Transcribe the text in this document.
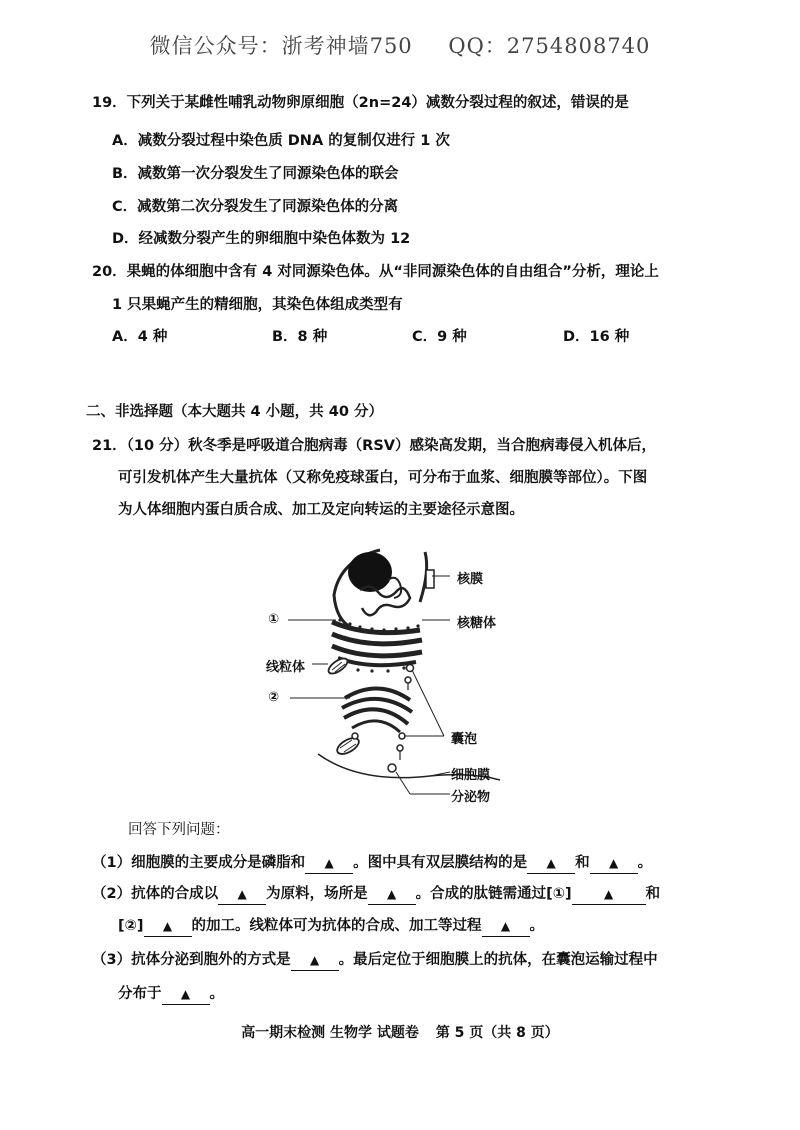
微信公众号：浙考神墙750 QQ：2754808740
19．下列关于某雌性哺乳动物卵原细胞（2n=24）减数分裂过程的叙述，错误的是
A．减数分裂过程中染色质 DNA 的复制仅进行 1 次
B．减数第一次分裂发生了同源染色体的联会
C．减数第二次分裂发生了同源染色体的分离
D．经减数分裂产生的卵细胞中染色体数为 12
20．果蝇的体细胞中含有 4 对同源染色体。从“非同源染色体的自由组合”分析，理论上
1 只果蝇产生的精细胞，其染色体组成类型有
A．4 种	B．8 种	C．9 种	D．16 种
二、非选择题（本大题共 4 小题，共 40 分）
21．（10 分）秋冬季是呼吸道合胞病毒（RSV）感染高发期，当合胞病毒侵入机体后，
可引发机体产生大量抗体（又称免疫球蛋白，可分布于血浆、细胞膜等部位）。下图
为人体细胞内蛋白质合成、加工及定向转运的主要途径示意图。
核膜
核糖体
①
线粒体
②
囊泡
细胞膜
分泌物
回答下列问题：
（1）细胞膜的主要成分是磷脂和 ▲ 。图中具有双层膜结构的是 ▲ 和 ▲ 。
（2）抗体的合成以 ▲ 为原料，场所是 ▲ 。合成的肽链需通过[①]	▲ 和
[②] ▲ 的加工。线粒体可为抗体的合成、加工等过程 ▲ 。
（3）抗体分泌到胞外的方式是 ▲ 。最后定位于细胞膜上的抗体，在囊泡运输过程中
分布于 ▲ 。
高一期末检测 生物学 试题卷 第 5 页（共 8 页）
